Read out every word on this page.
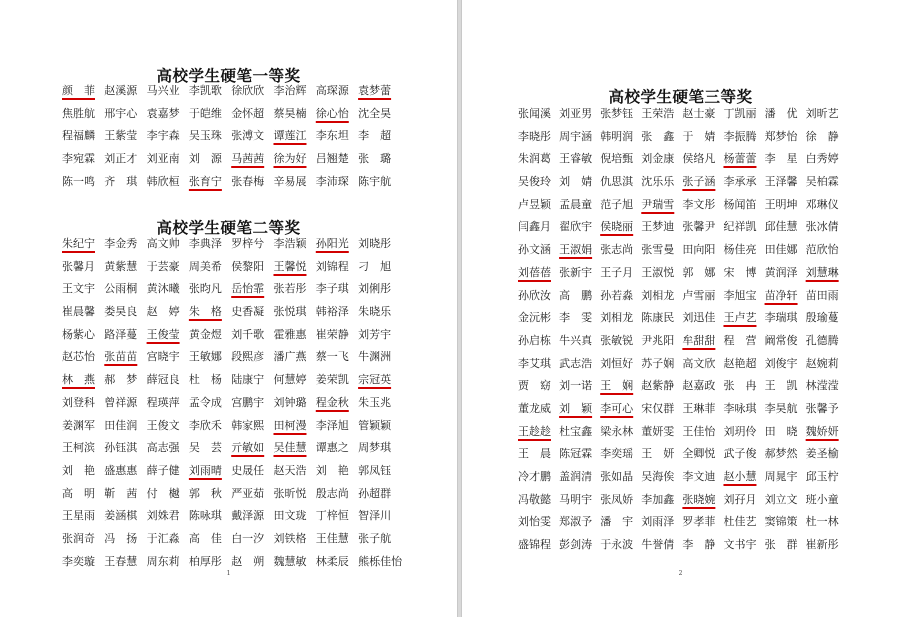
高校学生硬笔一等奖
颜　菲 赵溪源 马兴业 李凯歌 徐欣欣 李治辉 高琛源 袁梦蕾
焦胜航 邢宇心 袁嘉梦 于皑维 金怀超 蔡昊楠 徐心怡 沈全昊
程福麟 王紫莹 李宇森 吴玉珠 张溥文 谭莲江 李东坦 李　超
李宛霖 刘正才 刘亚南 刘　源 马茜茜 徐为好 吕翘楚 张　璐
陈一鸣 齐　琪 韩欣桓 张育宁 张春梅 辛易展 李沛琛 陈宇航
高校学生硬笔二等奖
朱纪宁 李金秀 高文帅 李典泽 罗梓兮 李浩颖 孙阳光 刘晓彤
张馨月 黄紫慧 于芸豪 周美希 侯黎阳 王馨悦 刘锦程 刁　旭
王文宇 公雨桐 黄沐曦 张昀凡 岳怡霏 张若彤 李子琪 刘俐彤
崔晨馨 娄昊良 赵　婷 朱　格 史香凝 张悦琪 韩裕泽 朱晓乐
杨紫心 路泽蔓 王俊莹 黄金煜 刘千歌 霍雅惠 崔荣静 刘芳宇
赵芯怡 张苗苗 宫晓宇 王敏娜 段熙彦 潘广燕 蔡一飞 牛渊洲
林　燕 郝　梦 薛冠良 杜　杨 陆康宁 何慧婷 姜荣凯 宗冠英
刘登科 曾祥源 程瑛萍 孟令成 宫鹏宇 刘钟璐 程金秋 朱玉兆
姜渊军 田佳润 王俊文 李欣禾 韩家熙 田柯漫 李泽旭 管颖颖
王柯滨 孙钰淇 高志强 吴　芸 亓敏如 吴佳慧 谭惠之 周梦琪
刘　艳 盛惠惠 薛子健 刘雨晴 史晟任 赵天浩 刘　艳 郭凤钰
高　明 靳　茜 付　樾 郭　秋 严亚茹 张昕悦 殷志尚 孙超群
王星雨 姜涵棋 刘姝君 陈咏琪 戴泽源 田文珑 丁梓恒 智泽川
张润奇 冯　扬 于汇淼 高　佳 白一汐 刘铁格 王佳慧 张子航
李奕璇 王春慧 周东莉 柏厚彤 赵　朔 魏慧敏 林柔辰 熊栎佳怡
1
高校学生硬笔三等奖
张闻溪 刘亚男 张梦钰 王荣浩 赵士豪 丁凯丽 潘　优 刘昕艺
李晓彤 周宇涵 韩明润 张　鑫 于　婧 李振腾 郑梦怡 徐　静
朱润葛 王睿敏 倪培甄 刘金康 侯络凡 杨蕾蕾 李　星 白秀婷
吴俊玲 刘　婧 仇思淇 沈乐乐 张子涵 李承承 王泽馨 吴柏霖
卢昱颖 孟晨童 范子旭 尹瑞雪 李文彤 杨闻笛 王明坤 邓琳仪
闫鑫月 翟欣宇 侯晓丽 王梦迪 张馨尹 纪祥凯 邱佳慧 张冰倩
孙文涵 王淑娟 张志尚 张雪曼 田向阳 杨佳亮 田佳娜 范欣怡
刘蓓蓓 张新宇 王子月 王淑悦 郭　娜 宋　博 黄润泽 刘慧琳
孙欣汝 高　鹏 孙若淼 刘相龙 卢雪丽 李旭宝 苗净轩 苗田雨
金沅彬 李　雯 刘相龙 陈康民 刘迅佳 王卢艺 李瑞琪 殷瑜蔓
孙启栋 牛兴真 张敏锐 尹兆阳 牟甜甜 程　营 阚常俊 孔德腾
李艾琪 武志浩 刘恒好 苏子娴 高文欣 赵艳超 刘俊宇 赵婉莉
贾　窈 刘一诺 王　娴 赵紫静 赵嘉政 张　冉 王　凯 林滢滢
董龙威 刘　颖 李可心 宋仅群 王琳菲 李咏琪 李昊航 张馨予
王趁趁 杜宝鑫 梁永林 董妍雯 王佳怡 刘玥伶 田　晓 魏娇妍
王　晨 陈冠霖 李奕瑶 王　妍 全卿悦 武子俊 郝梦然 姜圣榆
冷才鹏 盖润清 张如晶 吴海俟 李文迪 赵小慧 周晁宇 邱玉柠
冯敬懿 马明宇 张凤娇 李加鑫 张晓婉 刘孖月 刘立文 班小童
刘怡雯 郑淑予 潘　宇 刘雨泽 罗孝菲 杜佳艺 窦锦策 杜一林
盛锦程 彭剑涛 于永波 牛誉倩 李　静 文书宇 张　群 崔新彤
2
